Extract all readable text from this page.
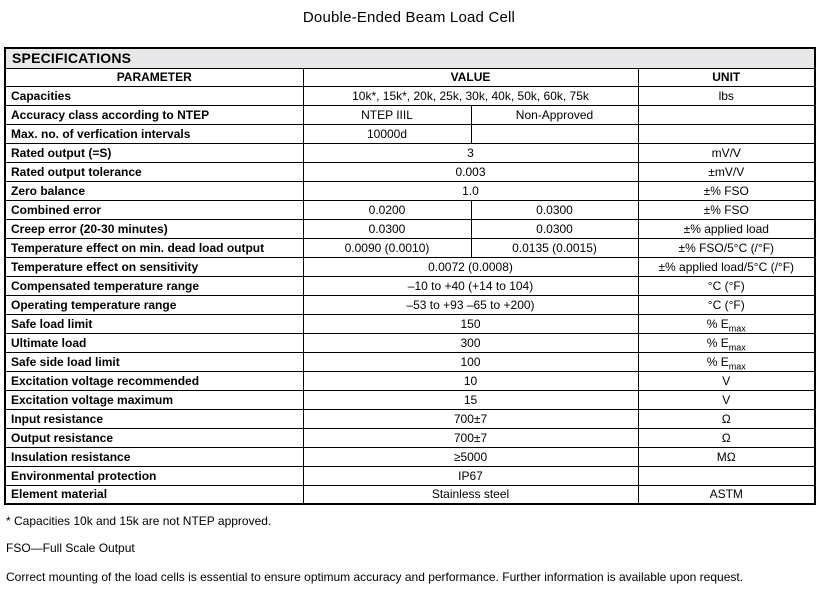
Double-Ended Beam Load Cell
SPECIFICATIONS			
PARAMETER	VALUE		UNIT
Capacities	10k*, 15k*, 20k, 25k, 30k, 40k, 50k, 60k, 75k		lbs
Accuracy class according to NTEP	NTEP IIIL	Non-Approved	
Max. no. of verfication intervals	10000d		
Rated output (=S)	3		mV/V
Rated output tolerance	0.003		±mV/V
Zero balance	1.0		±% FSO
Combined error	0.0200	0.0300	±% FSO
Creep error (20-30 minutes)	0.0300	0.0300	±% applied load
Temperature effect on min. dead load output	0.0090 (0.0010)	0.0135 (0.0015)	±% FSO/5°C (/°F)
Temperature effect on sensitivity	0.0072 (0.0008)		±% applied load/5°C (/°F)
Compensated temperature range	–10 to +40 (+14 to 104)		°C (°F)
Operating temperature range	–53 to +93 –65 to +200)		°C (°F)
Safe load limit	150		% $E_{max}$
Ultimate load	300		% $E_{max}$
Safe side load limit	100		% $E_{max}$
Excitation voltage recommended	10		V
Excitation voltage maximum	15		V
Input resistance	700±7		Ω
Output resistance	700±7		Ω
Insulation resistance	≥5000		MΩ
Environmental protection	IP67		
Element material	Stainless steel		ASTM

* Capacities 10k and 15k are not NTEP approved.

FSO—Full Scale Output

Correct mounting of the load cells is essential to ensure optimum accuracy and performance. Further information is available upon request.
